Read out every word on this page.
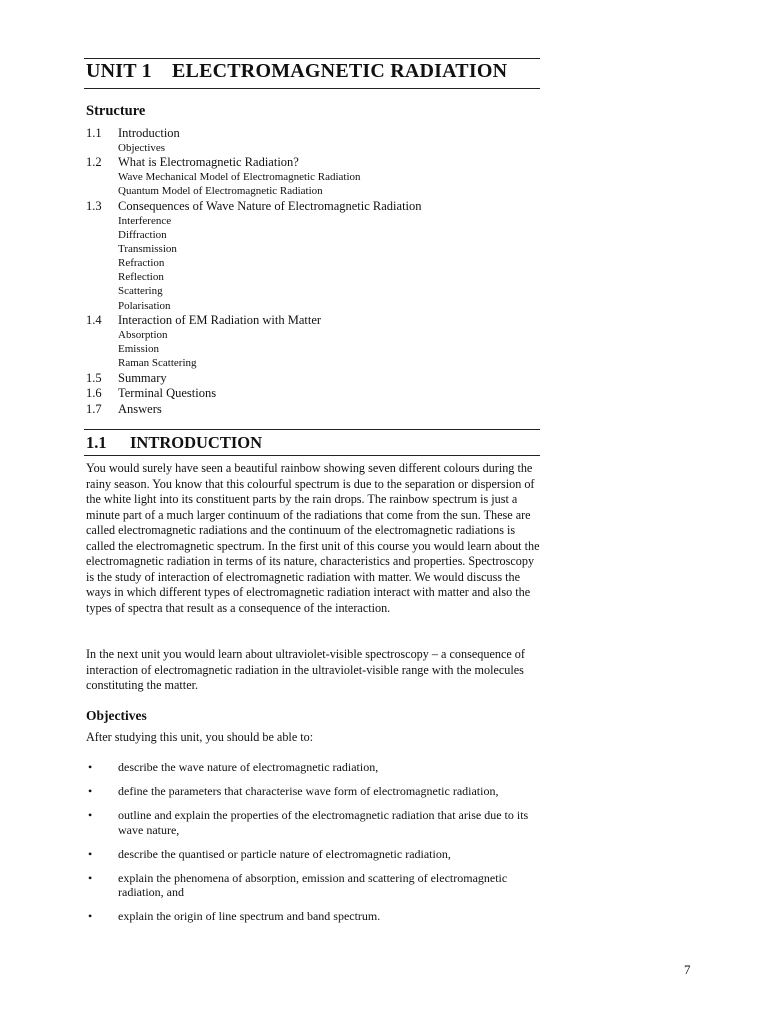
UNIT 1 ELECTROMAGNETIC RADIATION
Structure
1.1 Introduction
Objectives
1.2 What is Electromagnetic Radiation?
Wave Mechanical Model of Electromagnetic Radiation
Quantum Model of Electromagnetic Radiation
1.3 Consequences of Wave Nature of Electromagnetic Radiation
Interference
Diffraction
Transmission
Refraction
Reflection
Scattering
Polarisation
1.4 Interaction of EM Radiation with Matter
Absorption
Emission
Raman Scattering
1.5 Summary
1.6 Terminal Questions
1.7 Answers
1.1 INTRODUCTION

You would surely have seen a beautiful rainbow showing seven different colours during the rainy season. You know that this colourful spectrum is due to the separation or dispersion of the white light into its constituent parts by the rain drops. The rainbow spectrum is just a minute part of a much larger continuum of the radiations that come from the sun. These are called electromagnetic radiations and the continuum of the electromagnetic radiations is called the electromagnetic spectrum. In the first unit of this course you would learn about the electromagnetic radiation in terms of its nature, characteristics and properties. Spectroscopy is the study of interaction of electromagnetic radiation with matter. We would discuss the ways in which different types of electromagnetic radiation interact with matter and also the types of spectra that result as a consequence of the interaction.

In the next unit you would learn about ultraviolet-visible spectroscopy – a consequence of interaction of electromagnetic radiation in the ultraviolet-visible range with the molecules constituting the matter.

Objectives
After studying this unit, you should be able to:
• describe the wave nature of electromagnetic radiation,
• define the parameters that characterise wave form of electromagnetic radiation,
• outline and explain the properties of the electromagnetic radiation that arise due to its wave nature,
• describe the quantised or particle nature of electromagnetic radiation,
• explain the phenomena of absorption, emission and scattering of electromagnetic radiation, and
• explain the origin of line spectrum and band spectrum.
7
